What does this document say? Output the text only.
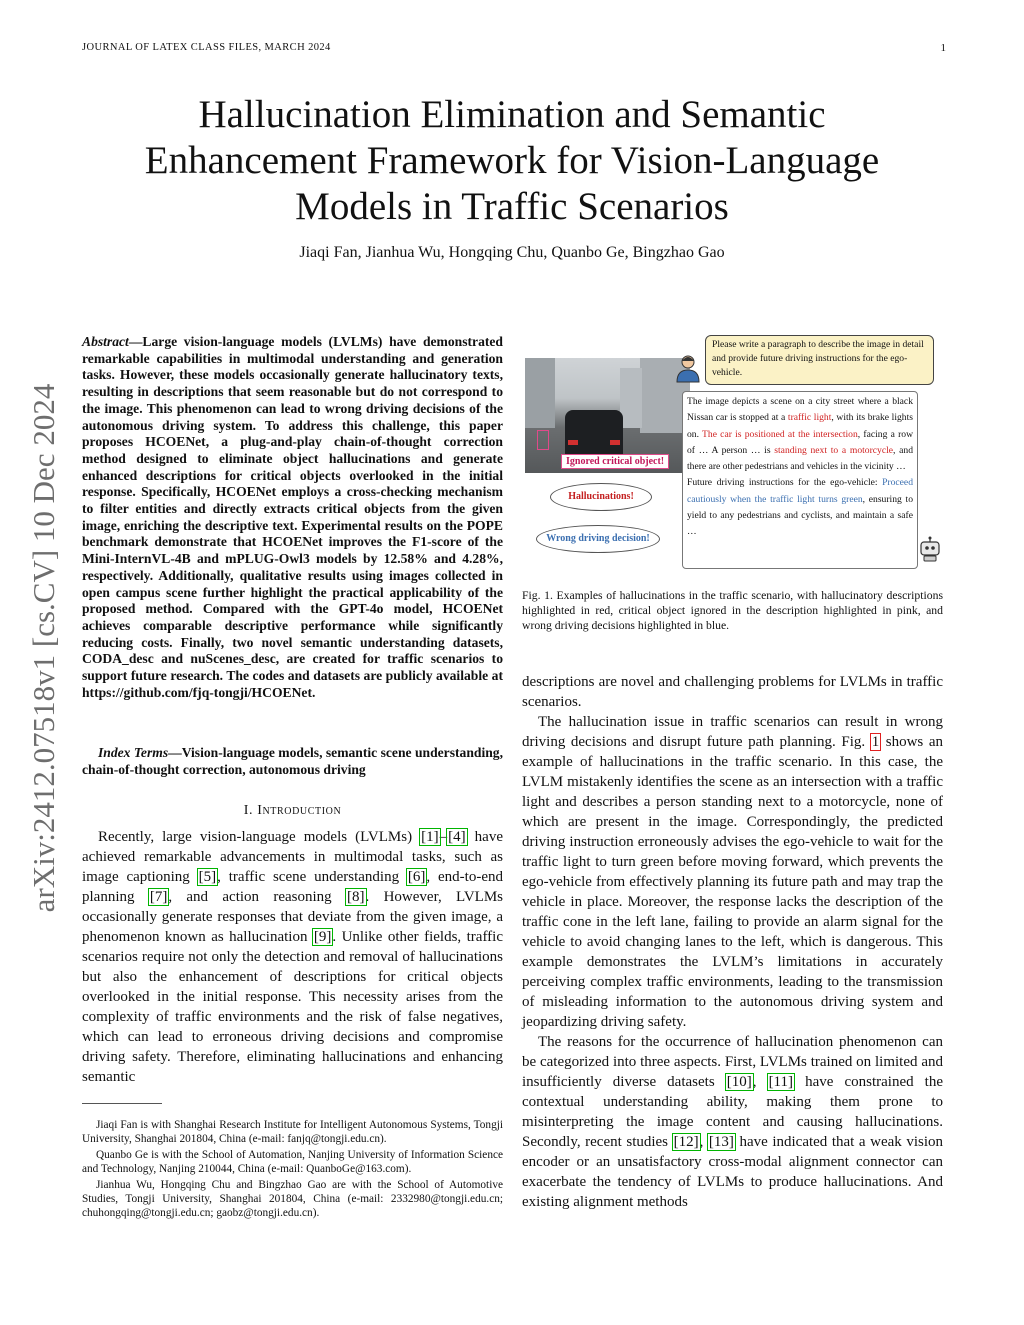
JOURNAL OF LATEX CLASS FILES, MARCH 2024	1
Hallucination Elimination and Semantic Enhancement Framework for Vision-Language Models in Traffic Scenarios
Jiaqi Fan, Jianhua Wu, Hongqing Chu, Quanbo Ge, Bingzhao Gao
arXiv:2412.07518v1 [cs.CV] 10 Dec 2024

Abstract—Large vision-language models (LVLMs) have demonstrated remarkable capabilities in multimodal understanding and generation tasks. However, these models occasionally generate hallucinatory texts, resulting in descriptions that seem reasonable but do not correspond to the image. This phenomenon can lead to wrong driving decisions of the autonomous driving system. To address this challenge, this paper proposes HCOENet, a plug-and-play chain-of-thought correction method designed to eliminate object hallucinations and generate enhanced descriptions for critical objects overlooked in the initial response. Specifically, HCOENet employs a cross-checking mechanism to filter entities and directly extracts critical objects from the given image, enriching the descriptive text. Experimental results on the POPE benchmark demonstrate that HCOENet improves the F1-score of the Mini-InternVL-4B and mPLUG-Owl3 models by 12.58% and 4.28%, respectively. Additionally, qualitative results using images collected in open campus scene further highlight the practical applicability of the proposed method. Compared with the GPT-4o model, HCOENet achieves comparable descriptive performance while significantly reducing costs. Finally, two novel semantic understanding datasets, CODA_desc and nuScenes_desc, are created for traffic scenarios to support future research. The codes and datasets are publicly available at https://github.com/fjq-tongji/HCOENet.

Index Terms—Vision-language models, semantic scene understanding, chain-of-thought correction, autonomous driving

I. Introduction

Recently, large vision-language models (LVLMs) [1]–[4] have achieved remarkable advancements in multimodal tasks, such as image captioning [5], traffic scene understanding [6], end-to-end planning [7], and action reasoning [8]. However, LVLMs occasionally generate responses that deviate from the given image, a phenomenon known as hallucination [9]. Unlike other fields, traffic scenarios require not only the detection and removal of hallucinations but also the enhancement of descriptions for critical objects overlooked in the initial response. This necessity arises from the complexity of traffic environments and the risk of false negatives, which can lead to erroneous driving decisions and compromise driving safety. Therefore, eliminating hallucinations and enhancing semantic

Jiaqi Fan is with Shanghai Research Institute for Intelligent Autonomous Systems, Tongji University, Shanghai 201804, China (e-mail: fanjq@tongji.edu.cn).

Quanbo Ge is with the School of Automation, Nanjing University of Information Science and Technology, Nanjing 210044, China (e-mail: QuanboGe@163.com).

Jianhua Wu, Hongqing Chu and Bingzhao Gao are with the School of Automotive Studies, Tongji University, Shanghai 201804, China (e-mail: 2332980@tongji.edu.cn; chuhongqing@tongji.edu.cn; gaobz@tongji.edu.cn).

Ignored critical object!
Hallucinations!
Wrong driving decision!
Please write a paragraph to describe the image in detail and provide future driving instructions for the ego-vehicle.
The image depicts a scene on a city street where a black Nissan car is stopped at a traffic light, with its brake lights on. The car is positioned at the intersection, facing a row of … A person … is standing next to a motorcycle, and there are other pedestrians and vehicles in the vicinity …
Future driving instructions for the ego-vehicle: Proceed cautiously when the traffic light turns green, ensuring to yield to any pedestrians and cyclists, and maintain a safe …
Fig. 1. Examples of hallucinations in the traffic scenario, with hallucinatory descriptions highlighted in red, critical object ignored in the description highlighted in pink, and wrong driving decisions highlighted in blue.

descriptions are novel and challenging problems for LVLMs in traffic scenarios.

The hallucination issue in traffic scenarios can result in wrong driving decisions and disrupt future path planning. Fig. 1 shows an example of hallucinations in the traffic scenario. In this case, the LVLM mistakenly identifies the scene as an intersection with a traffic light and describes a person standing next to a motorcycle, none of which are present in the image. Correspondingly, the predicted driving instruction erroneously advises the ego-vehicle to wait for the traffic light to turn green before moving forward, which prevents the ego-vehicle from effectively planning its future path and may trap the vehicle in place. Moreover, the response lacks the description of the traffic cone in the left lane, failing to provide an alarm signal for the vehicle to avoid changing lanes to the left, which is dangerous. This example demonstrates the LVLM’s limitations in accurately perceiving complex traffic environments, leading to the transmission of misleading information to the autonomous driving system and jeopardizing driving safety.

The reasons for the occurrence of hallucination phenomenon can be categorized into three aspects. First, LVLMs trained on limited and insufficiently diverse datasets [10], [11] have constrained the contextual understanding ability, making them prone to misinterpreting the image content and causing hallucinations. Secondly, recent studies [12], [13] have indicated that a weak vision encoder or an unsatisfactory cross-modal alignment connector can exacerbate the tendency of LVLMs to produce hallucinations. And existing alignment methods
